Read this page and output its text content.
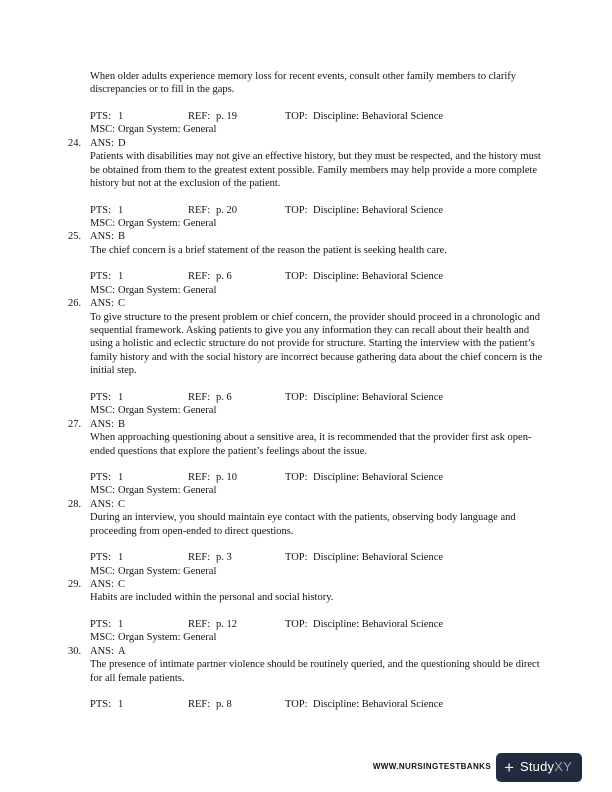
When older adults experience memory loss for recent events, consult other family members to clarify discrepancies or to fill in the gaps.
PTS: 1	REF: p. 19	TOP: Discipline: Behavioral Science
MSC: Organ System: General
24. ANS: D
Patients with disabilities may not give an effective history, but they must be respected, and the history must be obtained from them to the greatest extent possible. Family members may help provide a more complete history but not at the exclusion of the patient.
PTS: 1	REF: p. 20	TOP: Discipline: Behavioral Science
MSC: Organ System: General
25. ANS: B
The chief concern is a brief statement of the reason the patient is seeking health care.
PTS: 1	REF: p. 6	TOP: Discipline: Behavioral Science
MSC: Organ System: General
26. ANS: C
To give structure to the present problem or chief concern, the provider should proceed in a chronologic and sequential framework. Asking patients to give you any information they can recall about their health and using a holistic and eclectic structure do not provide for structure. Starting the interview with the patient’s family history and with the social history are incorrect because gathering data about the chief concern is the initial step.
PTS: 1	REF: p. 6	TOP: Discipline: Behavioral Science
MSC: Organ System: General
27. ANS: B
When approaching questioning about a sensitive area, it is recommended that the provider first ask open-ended questions that explore the patient’s feelings about the issue.
PTS: 1	REF: p. 10	TOP: Discipline: Behavioral Science
MSC: Organ System: General
28. ANS: C
During an interview, you should maintain eye contact with the patients, observing body language and proceeding from open-ended to direct questions.
PTS: 1	REF: p. 3	TOP: Discipline: Behavioral Science
MSC: Organ System: General
29. ANS: C
Habits are included within the personal and social history.
PTS: 1	REF: p. 12	TOP: Discipline: Behavioral Science
MSC: Organ System: General
30. ANS: A
The presence of intimate partner violence should be routinely queried, and the questioning should be direct for all female patients.
PTS: 1	REF: p. 8	TOP: Discipline: Behavioral Science
WWW.NURSINGTESTBANKS + StudyXY
